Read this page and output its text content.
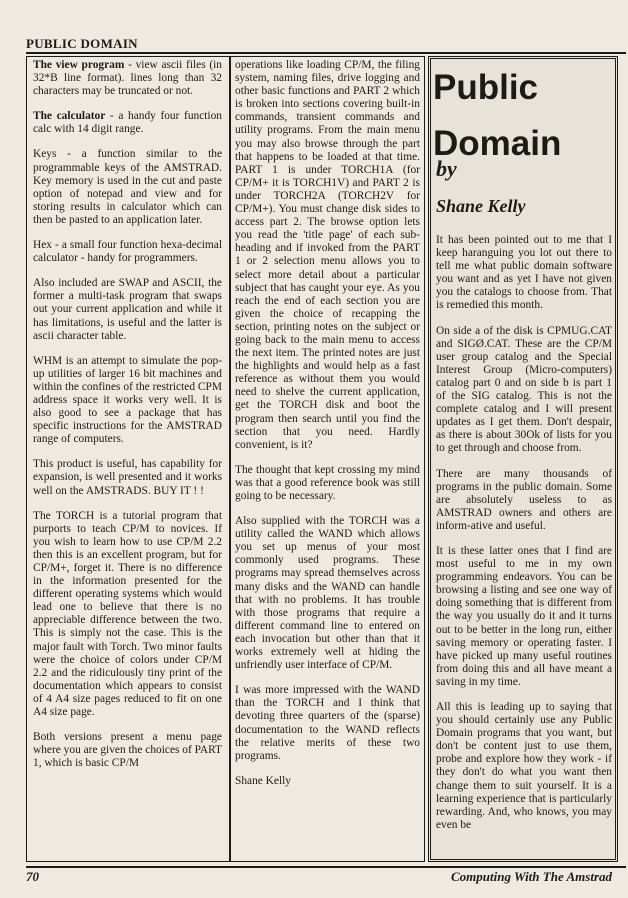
PUBLIC DOMAIN

The view program - view ascii files (in 32*B line format). lines long than 32 characters may be truncated or not.

The calculator - a handy four function calc with 14 digit range.

Keys - a function similar to the programmable keys of the AMSTRAD. Key memory is used in the cut and paste option of notepad and view and for storing results in calculator which can then be pasted to an application later.

Hex - a small four function hexa-decimal calculator - handy for programmers.

Also included are SWAP and ASCII, the former a multi-task program that swaps out your current application and while it has limitations, is useful and the latter is ascii character table.

WHM is an attempt to simulate the pop-up utilities of larger 16 bit machines and within the confines of the restricted CPM address space it works very well. It is also good to see a package that has specific instructions for the AMSTRAD range of computers.

This product is useful, has capability for expansion, is well presented and it works well on the AMSTRADS. BUY IT ! !

The TORCH is a tutorial program that purports to teach CP/M to novices. If you wish to learn how to use CP/M 2.2 then this is an excellent program, but for CP/M+, forget it. There is no difference in the information presented for the different operating systems which would lead one to believe that there is no appreciable difference between the two. This is simply not the case. This is the major fault with Torch. Two minor faults were the choice of colors under CP/M 2.2 and the ridiculously tiny print of the documentation which appears to consist of 4 A4 size pages reduced to fit on one A4 size page.

Both versions present a menu page where you are given the choices of PART 1, which is basic CP/M

operations like loading CP/M, the filing system, naming files, drive logging and other basic functions and PART 2 which is broken into sections covering built-in commands, transient commands and utility programs. From the main menu you may also browse through the part that happens to be loaded at that time. PART 1 is under TORCH1A (for CP/M+ it is TORCH1V) and PART 2 is under TORCH2A (TORCH2V for CP/M+). You must change disk sides to access part 2. The browse option lets you read the 'title page' of each sub-heading and if invoked from the PART 1 or 2 selection menu allows you to select more detail about a particular subject that has caught your eye. As you reach the end of each section you are given the choice of recapping the section, printing notes on the subject or going back to the main menu to access the next item. The printed notes are just the highlights and would help as a fast reference as without them you would need to shelve the current application, get the TORCH disk and boot the program then search until you find the section that you need. Hardly convenient, is it?

The thought that kept crossing my mind was that a good reference book was still going to be necessary.

Also supplied with the TORCH was a utility called the WAND which allows you set up menus of your most commonly used programs. These programs may spread themselves across many disks and the WAND can handle that with no problems. It has trouble with those programs that require a different command line to entered on each invocation but other than that it works extremely well at hiding the unfriendly user interface of CP/M.

I was more impressed with the WAND than the TORCH and I think that devoting three quarters of the (sparse) documentation to the WAND reflects the relative merits of these two programs.

Shane Kelly

Public
Domain
by
Shane Kelly

It has been pointed out to me that I keep haranguing you lot out there to tell me what public domain software you want and as yet I have not given you the catalogs to choose from. That is remedied this month.

On side a of the disk is CPMUG.CAT and SIGØ.CAT. These are the CP/M user group catalog and the Special Interest Group (Micro-computers) catalog part 0 and on side b is part 1 of the SIG catalog. This is not the complete catalog and I will present updates as I get them. Don't despair, as there is about 30Ok of lists for you to get through and choose from.

There are many thousands of programs in the public domain. Some are absolutely useless to as AMSTRAD owners and others are inform-ative and useful.

It is these latter ones that I find are most useful to me in my own programming endeavors. You can be browsing a listing and see one way of doing something that is different from the way you usually do it and it turns out to be better in the long run, either saving memory or operating faster. I have picked up many useful routines from doing this and all have meant a saving in my time.

All this is leading up to saying that you should certainly use any Public Domain programs that you want, but don't be content just to use them, probe and explore how they work - if they don't do what you want then change them to suit yourself. It is a learning experience that is particularly rewarding. And, who knows, you may even be

70	Computing With The Amstrad
